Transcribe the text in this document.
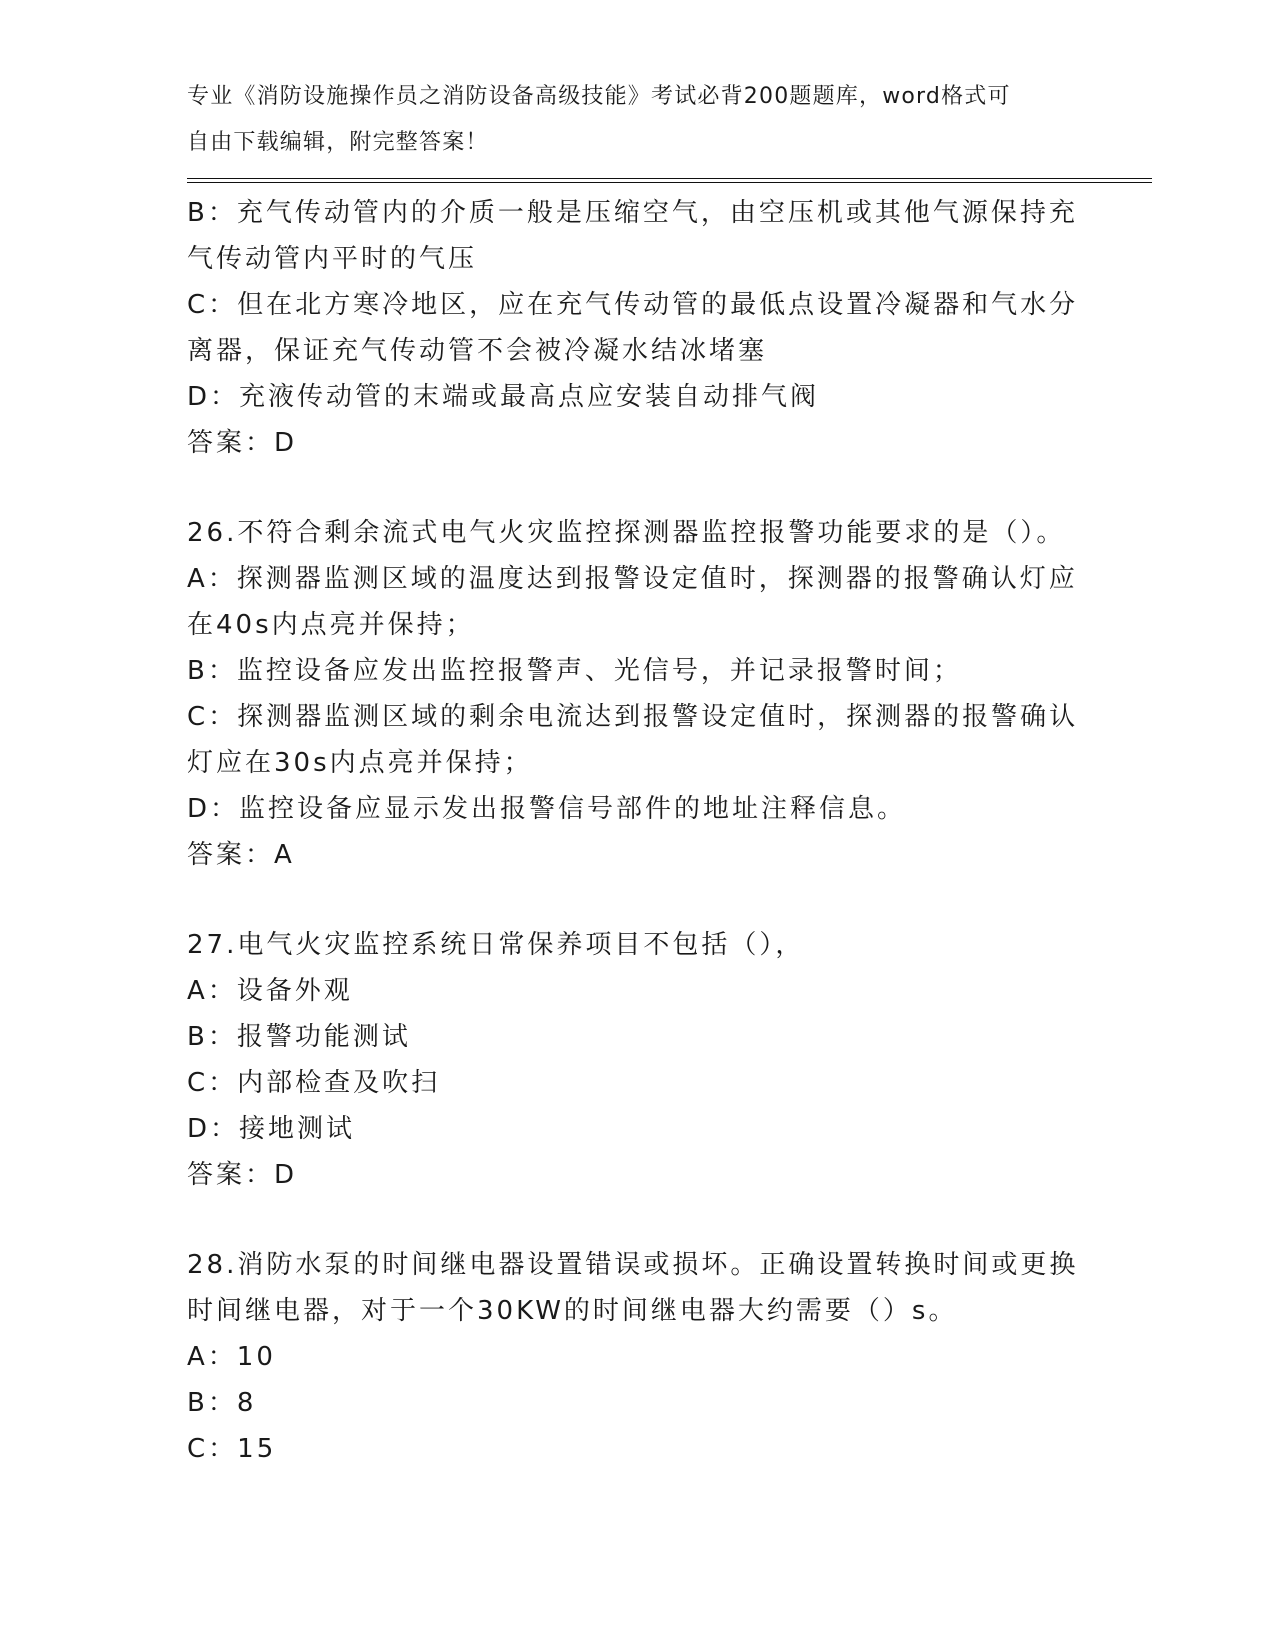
专业《消防设施操作员之消防设备高级技能》考试必背200题题库，word格式可
自由下载编辑，附完整答案！
B：充气传动管内的介质一般是压缩空气，由空压机或其他气源保持充
气传动管内平时的气压
C：但在北方寒冷地区，应在充气传动管的最低点设置冷凝器和气水分
离器，保证充气传动管不会被冷凝水结冰堵塞
D：充液传动管的末端或最高点应安装自动排气阀
答案：D
26.不符合剩余流式电气火灾监控探测器监控报警功能要求的是（）。
A：探测器监测区域的温度达到报警设定值时，探测器的报警确认灯应
在40s内点亮并保持；
B：监控设备应发出监控报警声、光信号，并记录报警时间；
C：探测器监测区域的剩余电流达到报警设定值时，探测器的报警确认
灯应在30s内点亮并保持；
D：监控设备应显示发出报警信号部件的地址注释信息。
答案：A
27.电气火灾监控系统日常保养项目不包括（），
A：设备外观
B：报警功能测试
C：内部检查及吹扫
D：接地测试
答案：D
28.消防水泵的时间继电器设置错误或损坏。正确设置转换时间或更换
时间继电器，对于一个30KW的时间继电器大约需要（）s。
A：10
B：8
C：15
